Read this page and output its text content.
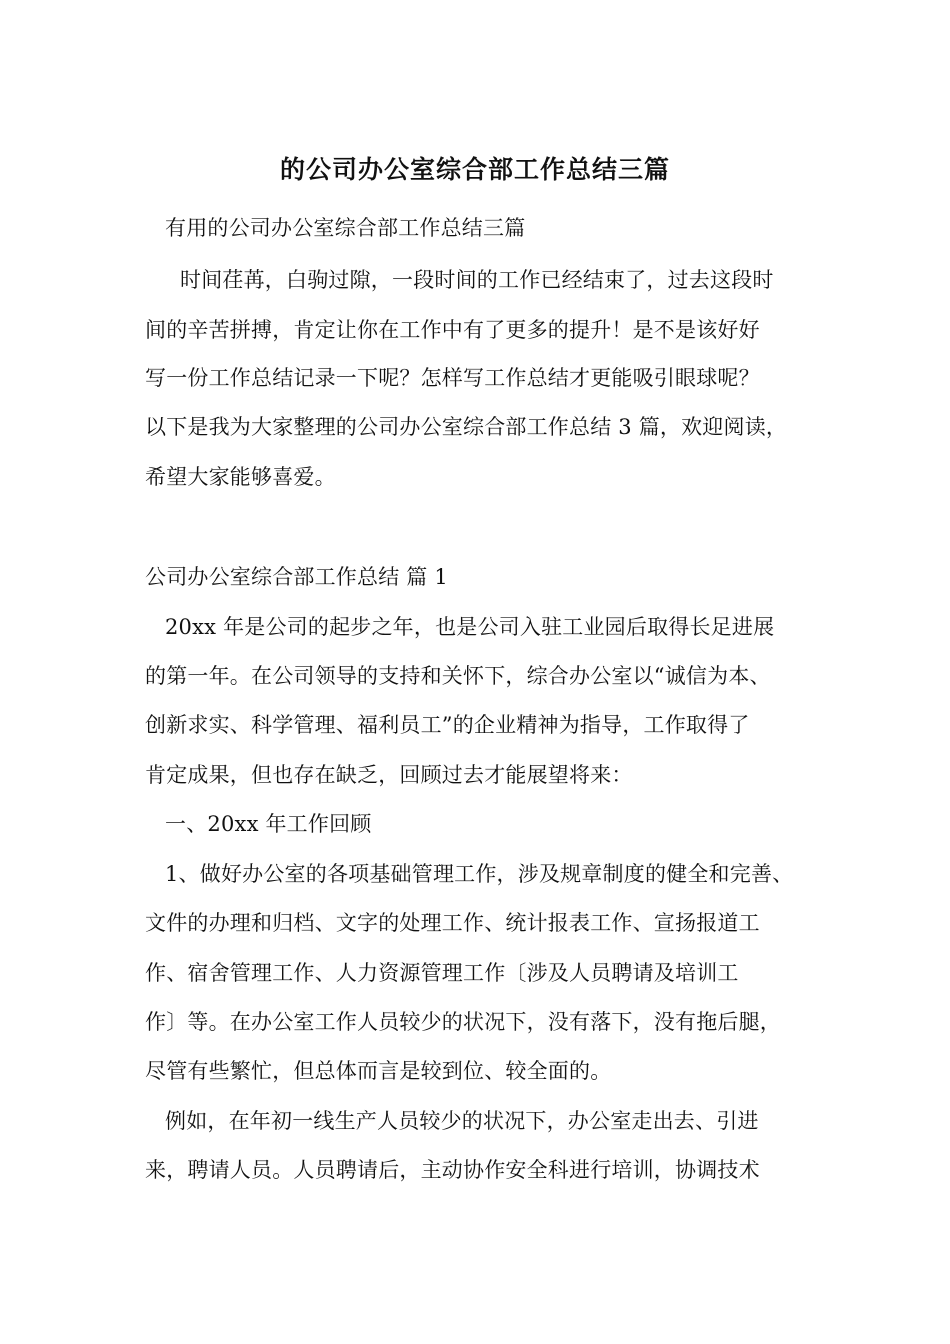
的公司办公室综合部工作总结三篇

有用的公司办公室综合部工作总结三篇

时间荏苒，白驹过隙，一段时间的工作已经结束了，过去这段时

间的辛苦拼搏，肯定让你在工作中有了更多的提升！是不是该好好

写一份工作总结记录一下呢？怎样写工作总结才更能吸引眼球呢？

以下是我为大家整理的公司办公室综合部工作总结 3 篇，欢迎阅读，

希望大家能够喜爱。

公司办公室综合部工作总结 篇 1

20xx 年是公司的起步之年，也是公司入驻工业园后取得长足进展

的第一年。在公司领导的支持和关怀下，综合办公室以“诚信为本、

创新求实、科学管理、福利员工”的企业精神为指导，工作取得了

肯定成果，但也存在缺乏，回顾过去才能展望将来：

一、20xx 年工作回顾

1、做好办公室的各项基础管理工作，涉及规章制度的健全和完善、

文件的办理和归档、文字的处理工作、统计报表工作、宣扬报道工

作、宿舍管理工作、人力资源管理工作〔涉及人员聘请及培训工

作〕等。在办公室工作人员较少的状况下，没有落下，没有拖后腿，

尽管有些繁忙，但总体而言是较到位、较全面的。

例如，在年初一线生产人员较少的状况下，办公室走出去、引进

来，聘请人员。人员聘请后，主动协作安全科进行培训，协调技术
